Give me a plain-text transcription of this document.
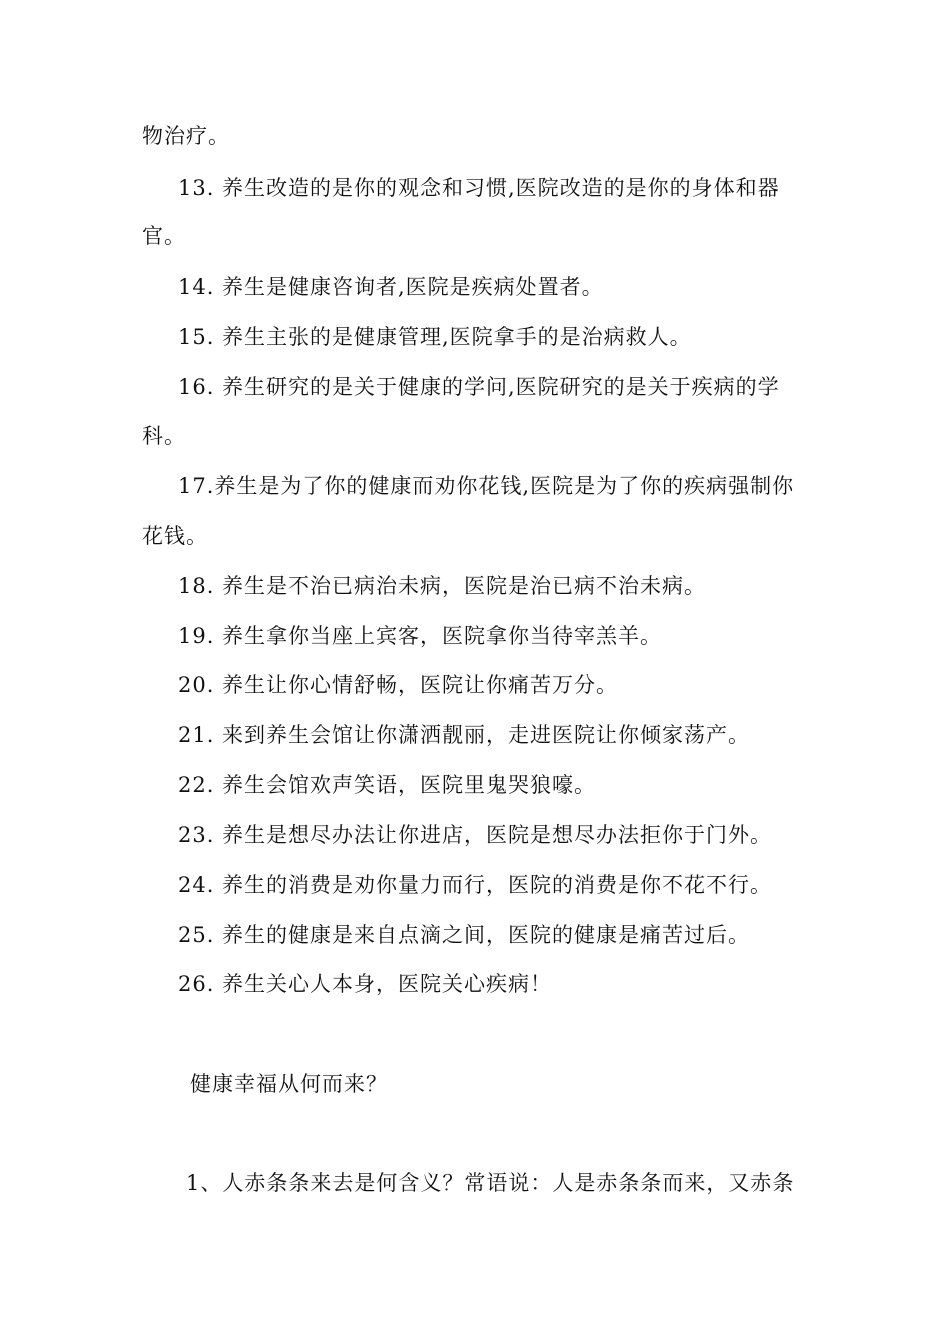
物治疗。
13. 养生改造的是你的观念和习惯,医院改造的是你的身体和器
官。
14. 养生是健康咨询者,医院是疾病处置者。
15. 养生主张的是健康管理,医院拿手的是治病救人。
16. 养生研究的是关于健康的学问,医院研究的是关于疾病的学
科。
17.养生是为了你的健康而劝你花钱,医院是为了你的疾病强制你
花钱。
18. 养生是不治已病治未病，医院是治已病不治未病。
19. 养生拿你当座上宾客，医院拿你当待宰羔羊。
20. 养生让你心情舒畅，医院让你痛苦万分。
21. 来到养生会馆让你潇洒靓丽，走进医院让你倾家荡产。
22. 养生会馆欢声笑语，医院里鬼哭狼嚎。
23. 养生是想尽办法让你进店，医院是想尽办法拒你于门外。
24. 养生的消费是劝你量力而行，医院的消费是你不花不行。
25. 养生的健康是来自点滴之间，医院的健康是痛苦过后。
26. 养生关心人本身，医院关心疾病！
健康幸福从何而来？
1、人赤条条来去是何含义？常语说：人是赤条条而来，又赤条
